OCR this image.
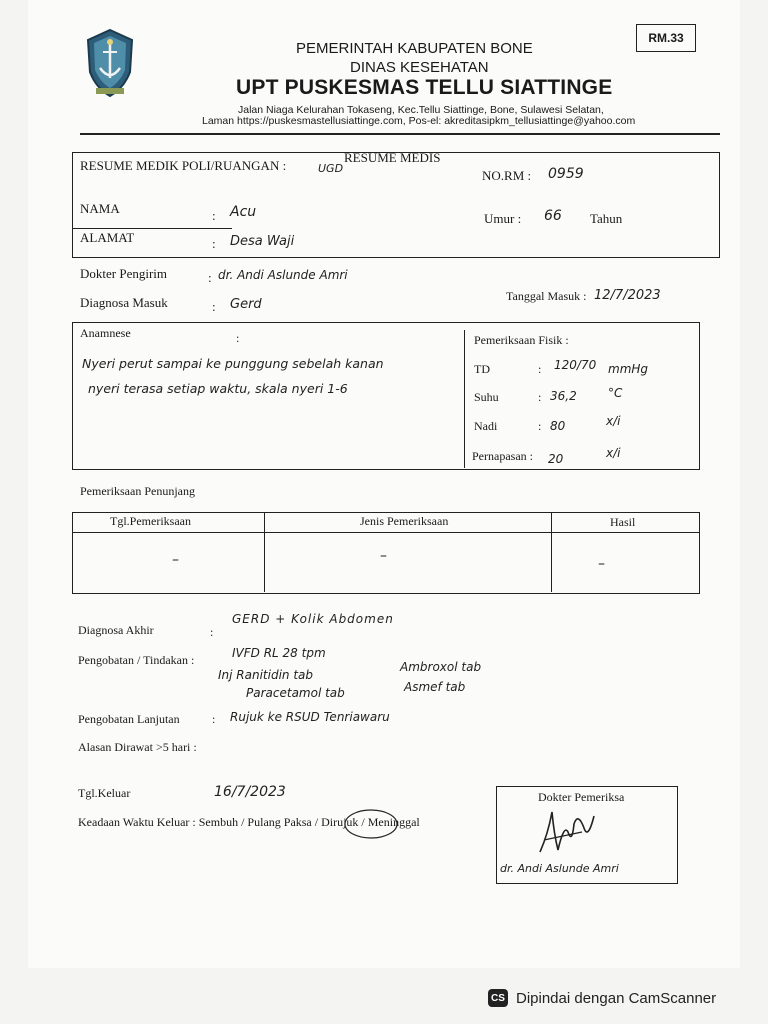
RM.33
PEMERINTAH KABUPATEN BONE
DINAS KESEHATAN
UPT PUSKESMAS TELLU SIATTINGE
Jalan Niaga Kelurahan Tokaseng, Kec.Tellu Siattinge, Bone, Sulawesi Selatan,
Laman https://puskesmastellusiattinge.com, Pos-el: akreditasipkm_tellusiattinge@yahoo.com
RESUME MEDIS
RESUME MEDIK POLI/RUANGAN :	UGD	NO.RM : 0959
NAMA	: Acu	Umur : 66 Tahun
ALAMAT	: Desa Waji
Dokter Pengirim	: dr. Andi Aslunde Amri
Diagnosa Masuk	: Gerd
Tanggal Masuk : 12/7/2023
Anamnese	:
Nyeri perut sampai ke punggung sebelah kanan
nyeri terasa setiap waktu, skala nyeri 1-6
Pemeriksaan Fisik :
TD	: 120/70 mmHg
Suhu	: 36,2	°C
Nadi	: 80	x/i
Pernapasan : 20	x/i
Pemeriksaan Penunjang
Tgl.Pemeriksaan	Jenis Pemeriksaan	Hasil
–	–	–
Diagnosa Akhir	:
GERD + Kolik Abdomen
Pengobatan / Tindakan :	IVFD RL 28 tpm
Inj Ranitidin tab
Ambroxol tab
Paracetamol tab	Asmef tab
Pengobatan Lanjutan	: Rujuk ke RSUD Tenriawaru
Alasan Dirawat >5 hari :
Tgl.Keluar	16/7/2023
Keadaan Waktu Keluar : Sembuh / Pulang Paksa / Dirujuk / Meninggal
Dokter Pemeriksa
dr. Andi Aslunde Amri
CS Dipindai dengan CamScanner
